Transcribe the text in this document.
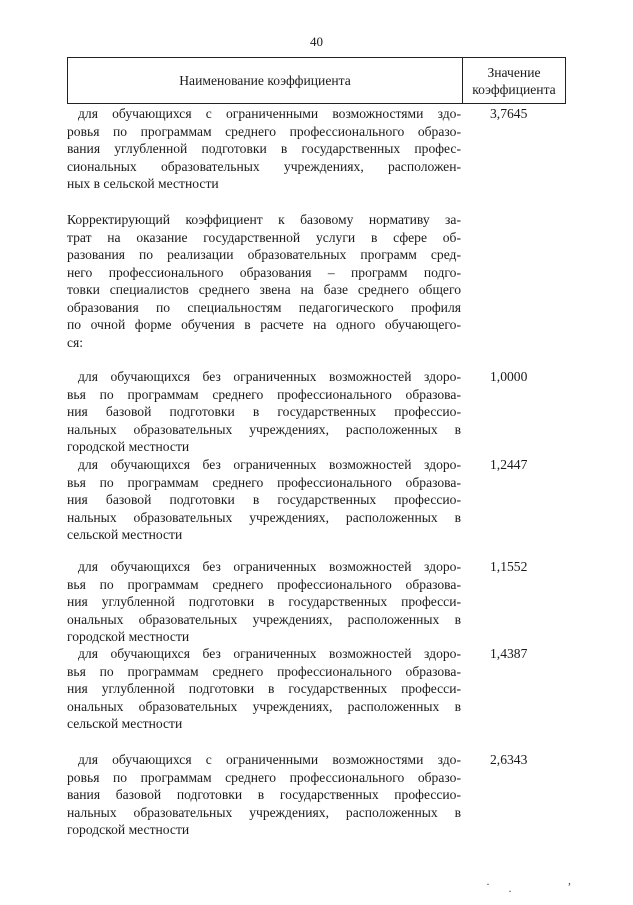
40
Наименование коэффициента
Значение
коэффициента
для обучающихся с ограниченными возможностями здо-
ровья по программам среднего профессионального образо-
вания углубленной подготовки в государственных профес-
сиональных образовательных учреждениях, расположен-
ных в сельской местности
3,7645
Корректирующий коэффициент к базовому нормативу за-
трат на оказание государственной услуги в сфере об-
разования по реализации образовательных программ сред-
него профессионального образования – программ подго-
товки специалистов среднего звена на базе среднего общего
образования по специальностям педагогического профиля
по очной форме обучения в расчете на одного обучающего-
ся:
для обучающихся без ограниченных возможностей здоро-
вья по программам среднего профессионального образова-
ния базовой подготовки в государственных профессио-
нальных образовательных учреждениях, расположенных в
городской местности
1,0000
для обучающихся без ограниченных возможностей здоро-
вья по программам среднего профессионального образова-
ния базовой подготовки в государственных профессио-
нальных образовательных учреждениях, расположенных в
сельской местности
1,2447
для обучающихся без ограниченных возможностей здоро-
вья по программам среднего профессионального образова-
ния углубленной подготовки в государственных професси-
ональных образовательных учреждениях, расположенных в
городской местности
1,1552
для обучающихся без ограниченных возможностей здоро-
вья по программам среднего профессионального образова-
ния углубленной подготовки в государственных професси-
ональных образовательных учреждениях, расположенных в
сельской местности
1,4387
для обучающихся с ограниченными возможностями здо-
ровья по программам среднего профессионального образо-
вания базовой подготовки в государственных профессио-
нальных образовательных учреждениях, расположенных в
городской местности
2,6343
· ·
,
